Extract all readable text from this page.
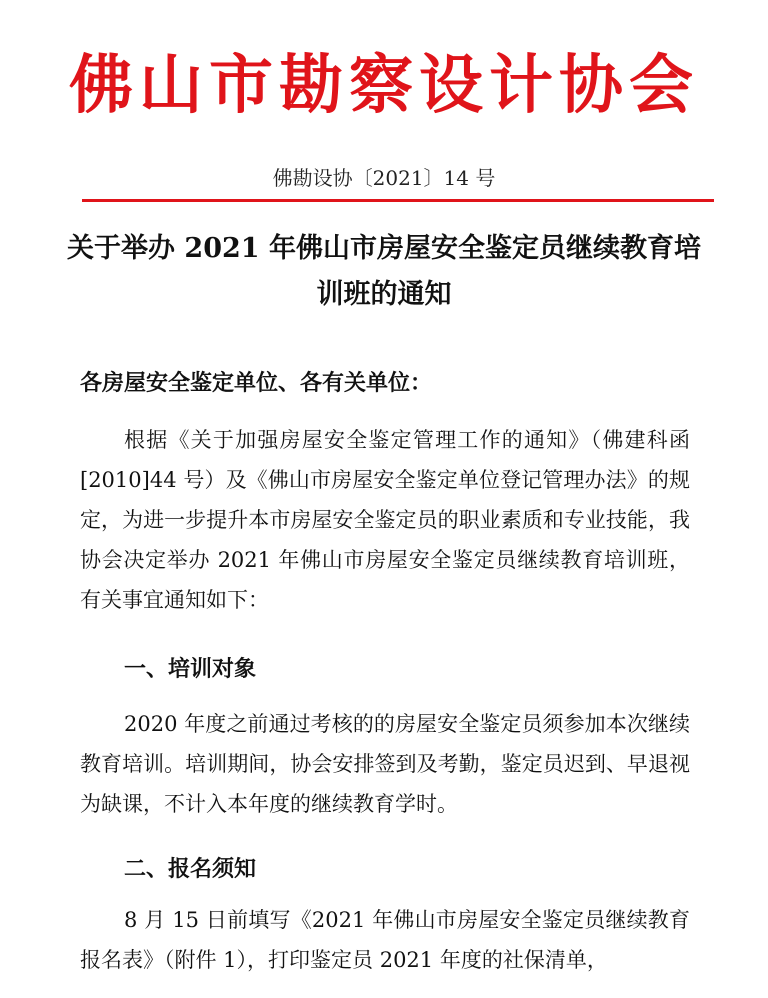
佛山市勘察设计协会
佛勘设协〔2021〕14 号
关于举办 2021 年佛山市房屋安全鉴定员继续教育培训班的通知
各房屋安全鉴定单位、各有关单位：
根据《关于加强房屋安全鉴定管理工作的通知》（佛建科函[2010]44 号）及《佛山市房屋安全鉴定单位登记管理办法》的规定，为进一步提升本市房屋安全鉴定员的职业素质和专业技能，我协会决定举办 2021 年佛山市房屋安全鉴定员继续教育培训班，有关事宜通知如下：
一、培训对象
2020 年度之前通过考核的的房屋安全鉴定员须参加本次继续教育培训。培训期间，协会安排签到及考勤，鉴定员迟到、早退视为缺课，不计入本年度的继续教育学时。
二、报名须知
8 月 15 日前填写《2021 年佛山市房屋安全鉴定员继续教育报名表》（附件 1），打印鉴定员 2021 年度的社保清单，
